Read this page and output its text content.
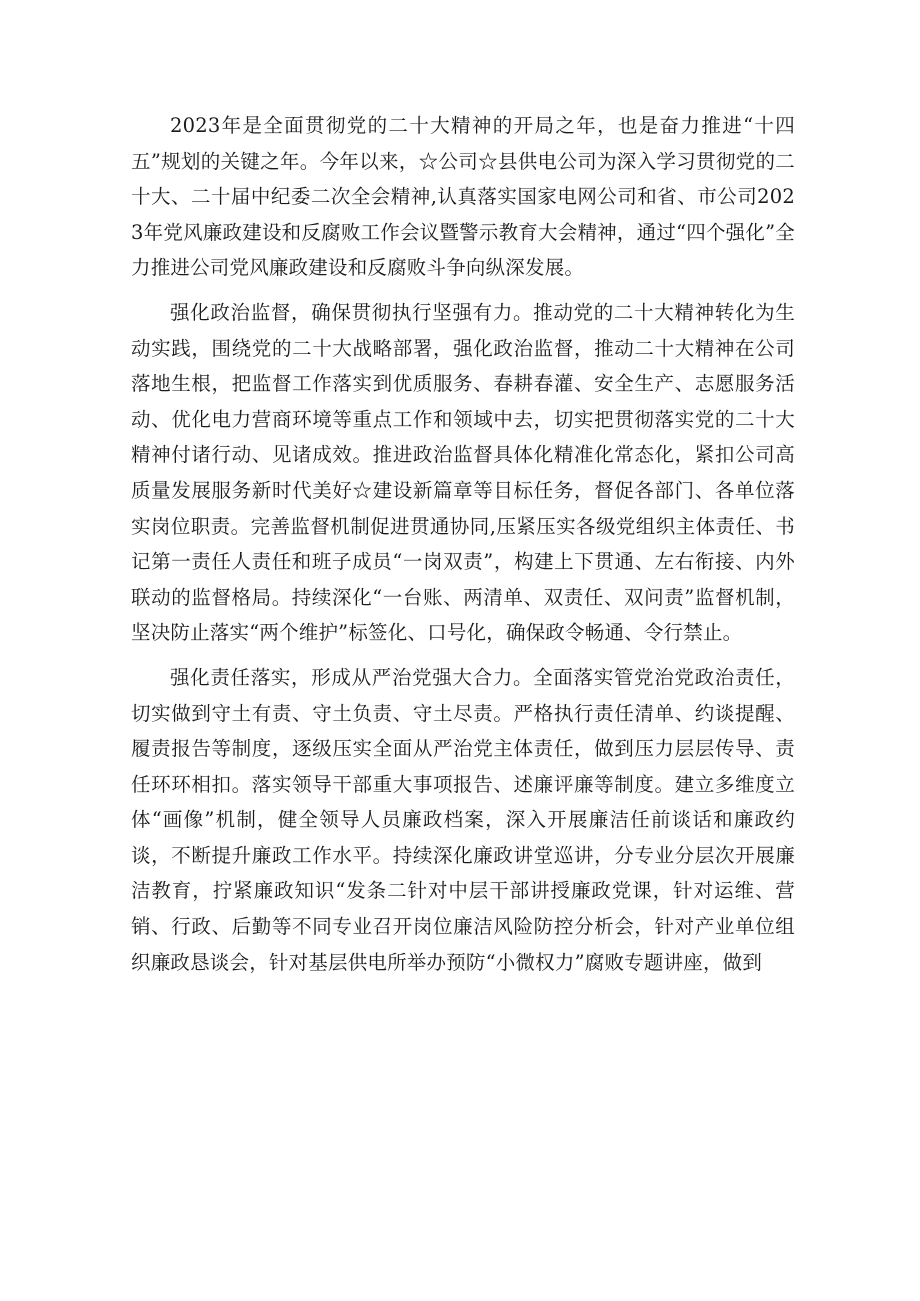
2023年是全面贯彻党的二十大精神的开局之年，也是奋力推进“十四五”规划的关键之年。今年以来，☆公司☆县供电公司为深入学习贯彻党的二十大、二十届中纪委二次全会精神,认真落实国家电网公司和省、市公司2023年党风廉政建设和反腐败工作会议暨警示教育大会精神，通过“四个强化”全力推进公司党风廉政建设和反腐败斗争向纵深发展。

强化政治监督，确保贯彻执行坚强有力。推动党的二十大精神转化为生动实践，围绕党的二十大战略部署，强化政治监督，推动二十大精神在公司落地生根，把监督工作落实到优质服务、春耕春灌、安全生产、志愿服务活动、优化电力营商环境等重点工作和领域中去，切实把贯彻落实党的二十大精神付诸行动、见诸成效。推进政治监督具体化精准化常态化，紧扣公司高质量发展服务新时代美好☆建设新篇章等目标任务，督促各部门、各单位落实岗位职责。完善监督机制促进贯通协同,压紧压实各级党组织主体责任、书记第一责任人责任和班子成员“一岗双责”，构建上下贯通、左右衔接、内外联动的监督格局。持续深化“一台账、两清单、双责任、双问责”监督机制，坚决防止落实“两个维护”标签化、口号化，确保政令畅通、令行禁止。

强化责任落实，形成从严治党强大合力。全面落实管党治党政治责任，切实做到守土有责、守土负责、守土尽责。严格执行责任清单、约谈提醒、履责报告等制度，逐级压实全面从严治党主体责任，做到压力层层传导、责任环环相扣。落实领导干部重大事项报告、述廉评廉等制度。建立多维度立体“画像”机制，健全领导人员廉政档案，深入开展廉洁任前谈话和廉政约谈，不断提升廉政工作水平。持续深化廉政讲堂巡讲，分专业分层次开展廉洁教育，拧紧廉政知识“发条二针对中层干部讲授廉政党课，针对运维、营销、行政、后勤等不同专业召开岗位廉洁风险防控分析会，针对产业单位组织廉政恳谈会，针对基层供电所举办预防“小微权力”腐败专题讲座，做到
